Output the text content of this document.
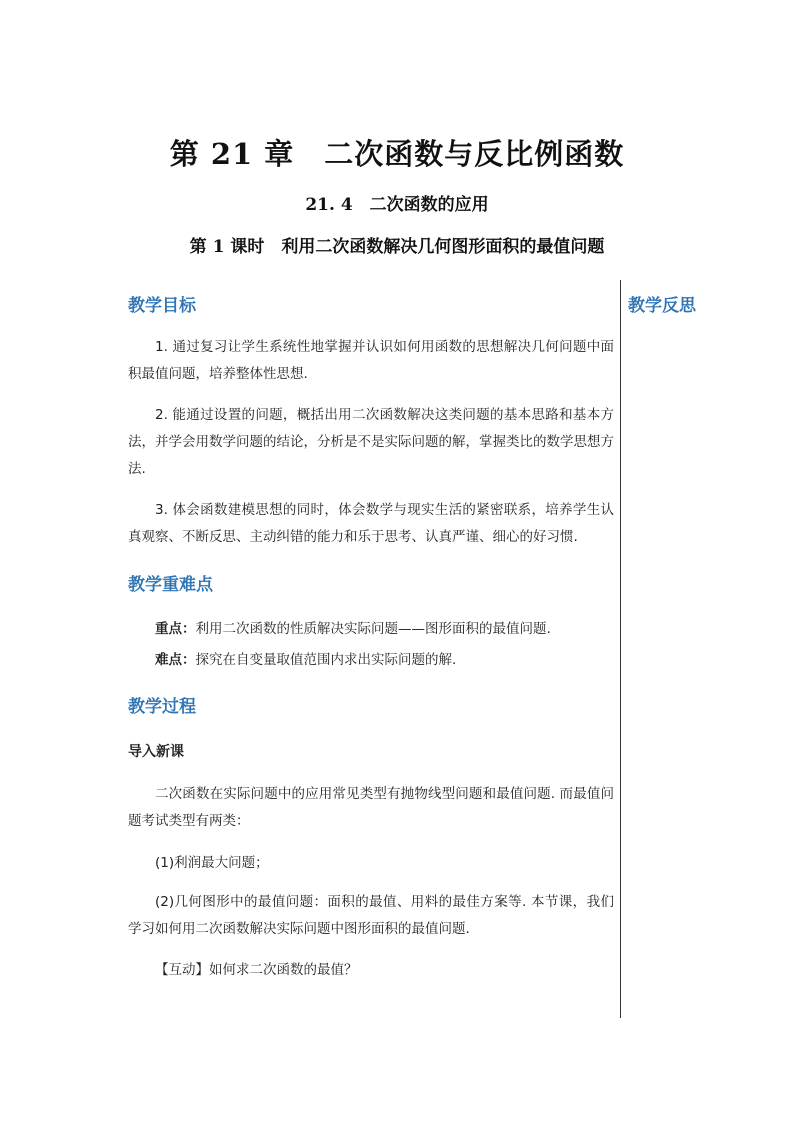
第 21 章　二次函数与反比例函数
21. 4　二次函数的应用
第 1 课时　利用二次函数解决几何图形面积的最值问题
教学反思
教学目标
1. 通过复习让学生系统性地掌握并认识如何用函数的思想解决几何问题中面积最值问题，培养整体性思想.
2. 能通过设置的问题，概括出用二次函数解决这类问题的基本思路和基本方法，并学会用数学问题的结论，分析是不是实际问题的解，掌握类比的数学思想方法.
3. 体会函数建模思想的同时，体会数学与现实生活的紧密联系，培养学生认真观察、不断反思、主动纠错的能力和乐于思考、认真严谨、细心的好习惯.
教学重难点
重点：利用二次函数的性质解决实际问题——图形面积的最值问题.
难点：探究在自变量取值范围内求出实际问题的解.
教学过程
导入新课
二次函数在实际问题中的应用常见类型有抛物线型问题和最值问题. 而最值问题考试类型有两类：
(1)利润最大问题；
(2)几何图形中的最值问题：面积的最值、用料的最佳方案等. 本节课，我们学习如何用二次函数解决实际问题中图形面积的最值问题.
【互动】如何求二次函数的最值？
